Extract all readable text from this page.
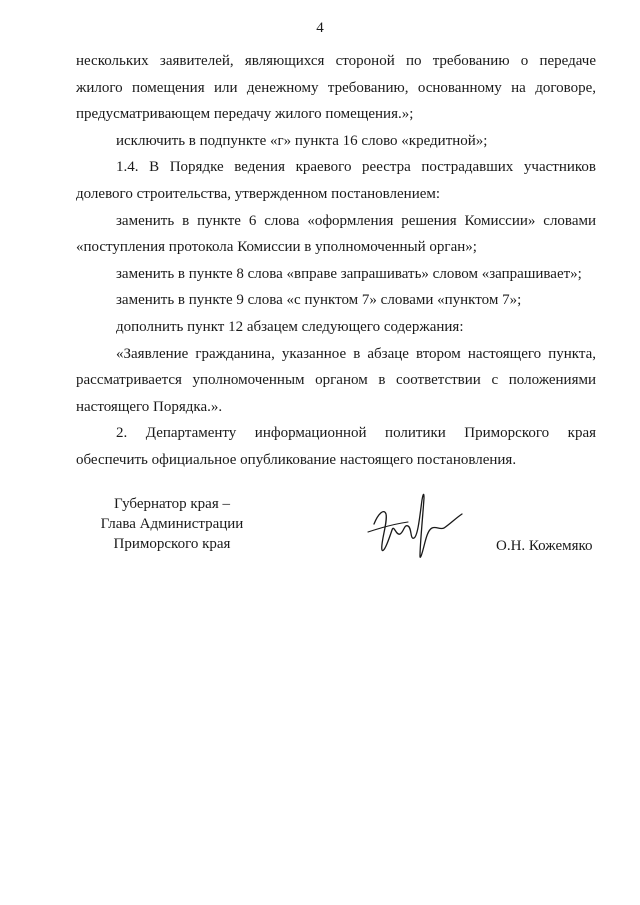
4
нескольких заявителей, являющихся стороной по требованию о передаче
жилого помещения или денежному требованию, основанному на договоре,
предусматривающем передачу жилого помещения.»;
исключить в подпункте «г» пункта 16 слово «кредитной»;
1.4. В Порядке ведения краевого реестра пострадавших участников
долевого строительства, утвержденном постановлением:
заменить в пункте 6 слова «оформления решения Комиссии» словами
«поступления протокола Комиссии в уполномоченный орган»;
заменить в пункте 8 слова «вправе запрашивать» словом «запрашивает»;
заменить в пункте 9 слова «с пунктом 7» словами «пунктом 7»;
дополнить пункт 12 абзацем следующего содержания:
«Заявление гражданина, указанное в абзаце втором настоящего пункта,
рассматривается уполномоченным органом в соответствии с положениями
настоящего Порядка.».
2. Департаменту информационной политики Приморского края
обеспечить официальное опубликование настоящего постановления.
Губернатор края –
Глава Администрации
Приморского края	О.Н. Кожемяко
